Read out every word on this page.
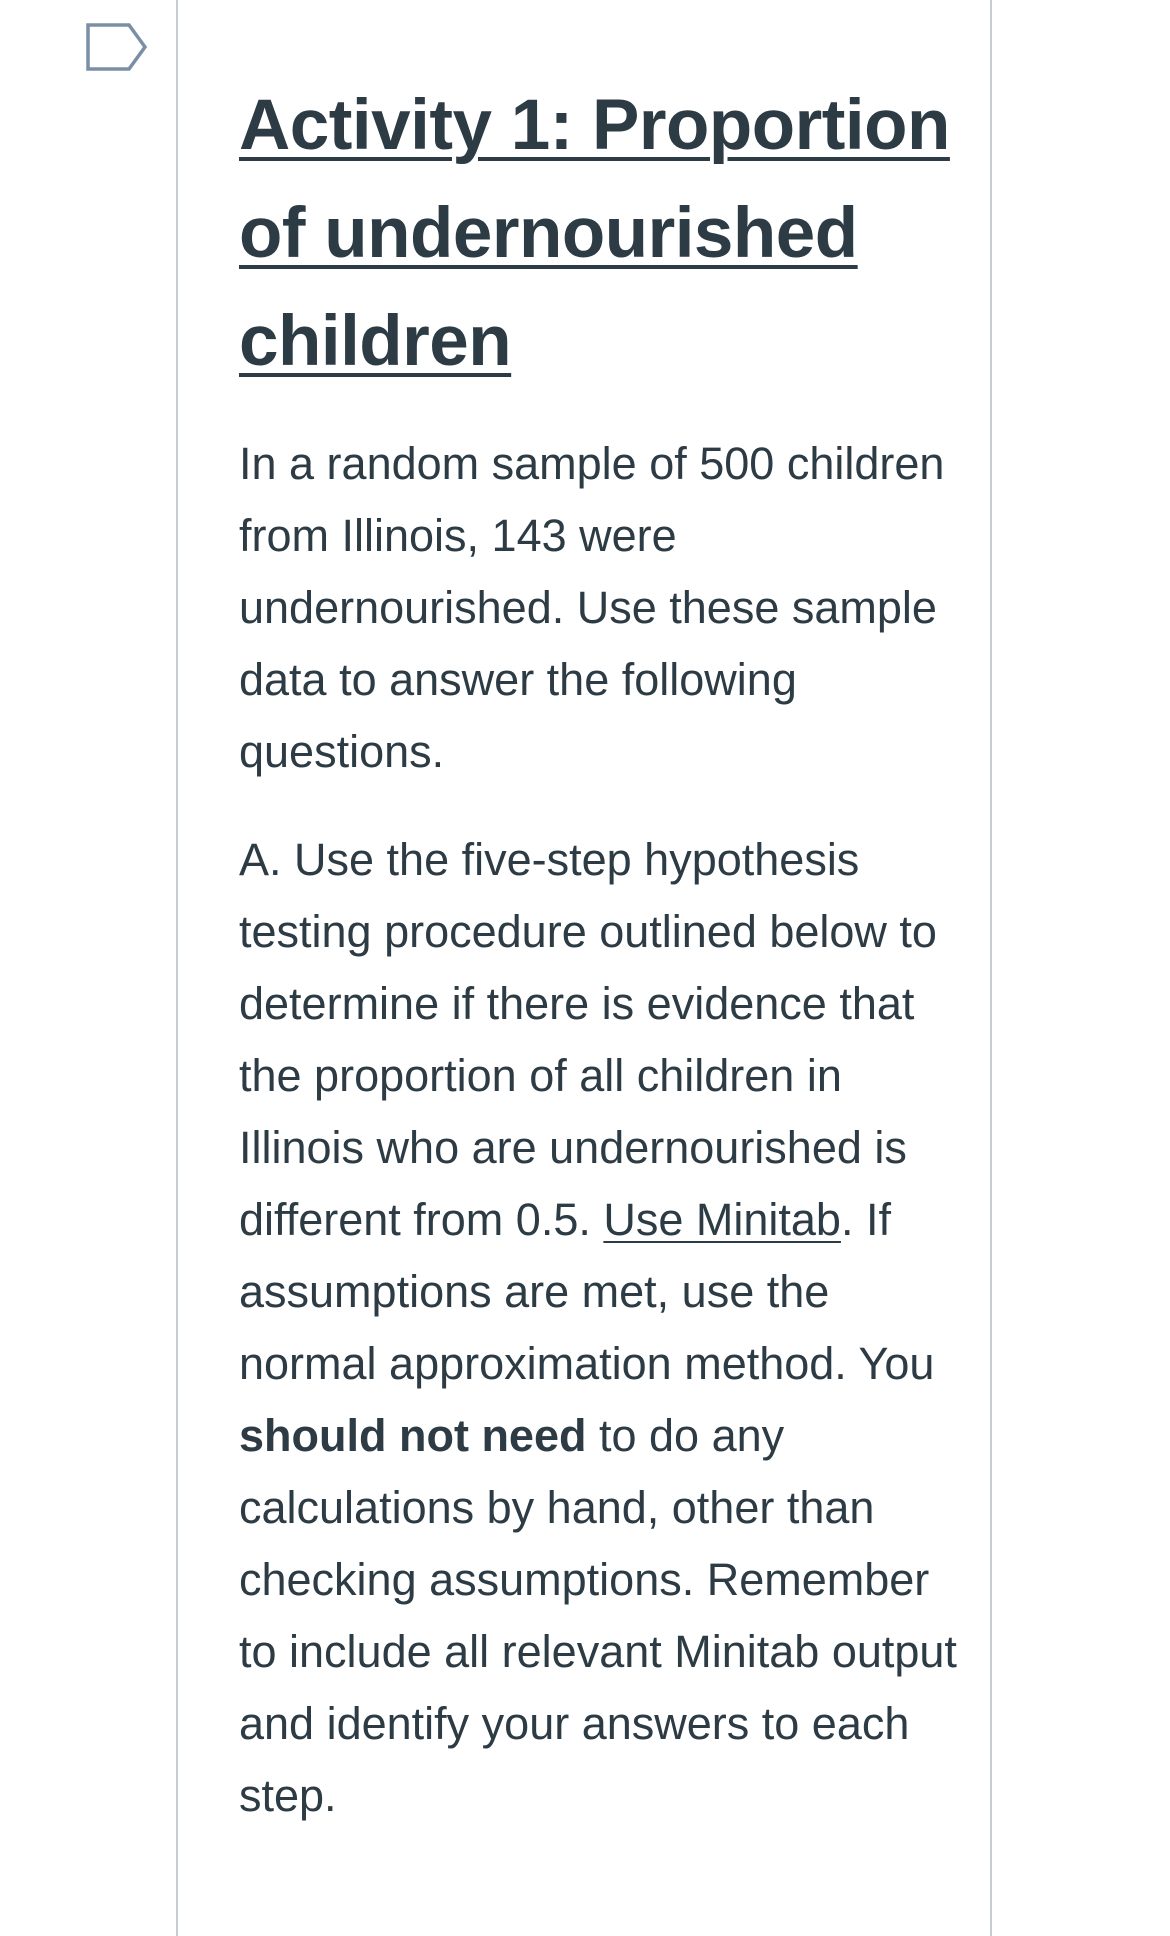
Activity 1: Proportion of undernourished children

In a random sample of 500 children from Illinois, 143 were undernourished. Use these sample data to answer the following questions.

A. Use the five-step hypothesis testing procedure outlined below to determine if there is evidence that the proportion of all children in Illinois who are undernourished is different from 0.5. Use Minitab. If assumptions are met, use the normal approximation method. You should not need to do any calculations by hand, other than checking assumptions. Remember to include all relevant Minitab output and identify your answers to each step.
